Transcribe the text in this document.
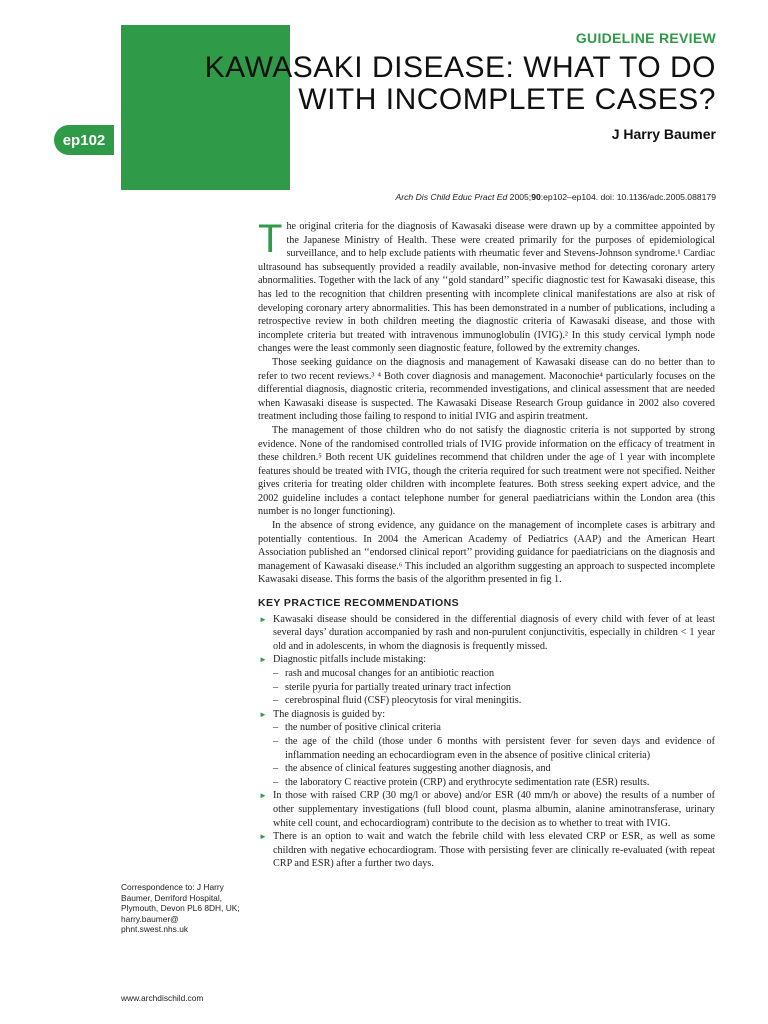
ep102
GUIDELINE REVIEW
KAWASAKI DISEASE: WHAT TO DO
WITH INCOMPLETE CASES?
J Harry Baumer
Arch Dis Child Educ Pract Ed 2005;90:ep102–ep104. doi: 10.1136/adc.2005.088179

The original criteria for the diagnosis of Kawasaki disease were drawn up by a committee appointed by the Japanese Ministry of Health. These were created primarily for the purposes of epidemiological surveillance, and to help exclude patients with rheumatic fever and Stevens-Johnson syndrome.¹ Cardiac ultrasound has subsequently provided a readily available, non-invasive method for detecting coronary artery abnormalities. Together with the lack of any ‘‘gold standard’’ specific diagnostic test for Kawasaki disease, this has led to the recognition that children presenting with incomplete clinical manifestations are also at risk of developing coronary artery abnormalities. This has been demonstrated in a number of publications, including a retrospective review in both children meeting the diagnostic criteria of Kawasaki disease, and those with incomplete criteria but treated with intravenous immunoglobulin (IVIG).² In this study cervical lymph node changes were the least commonly seen diagnostic feature, followed by the extremity changes.

Those seeking guidance on the diagnosis and management of Kawasaki disease can do no better than to refer to two recent reviews.³ ⁴ Both cover diagnosis and management. Maconochie⁴ particularly focuses on the differential diagnosis, diagnostic criteria, recommended investigations, and clinical assessment that are needed when Kawasaki disease is suspected. The Kawasaki Disease Research Group guidance in 2002 also covered treatment including those failing to respond to initial IVIG and aspirin treatment.

The management of those children who do not satisfy the diagnostic criteria is not supported by strong evidence. None of the randomised controlled trials of IVIG provide information on the efficacy of treatment in these children.⁵ Both recent UK guidelines recommend that children under the age of 1 year with incomplete features should be treated with IVIG, though the criteria required for such treatment were not specified. Neither gives criteria for treating older children with incomplete features. Both stress seeking expert advice, and the 2002 guideline includes a contact telephone number for general paediatricians within the London area (this number is no longer functioning).

In the absence of strong evidence, any guidance on the management of incomplete cases is arbitrary and potentially contentious. In 2004 the American Academy of Pediatrics (AAP) and the American Heart Association published an ‘‘endorsed clinical report’’ providing guidance for paediatricians on the diagnosis and management of Kawasaki disease.⁶ This included an algorithm suggesting an approach to suspected incomplete Kawasaki disease. This forms the basis of the algorithm presented in fig 1.

KEY PRACTICE RECOMMENDATIONS
► Kawasaki disease should be considered in the differential diagnosis of every child with fever of at least several days’ duration accompanied by rash and non-purulent conjunctivitis, especially in children < 1 year old and in adolescents, in whom the diagnosis is frequently missed.
► Diagnostic pitfalls include mistaking:
– rash and mucosal changes for an antibiotic reaction
– sterile pyuria for partially treated urinary tract infection
– cerebrospinal fluid (CSF) pleocytosis for viral meningitis.
► The diagnosis is guided by:
– the number of positive clinical criteria
– the age of the child (those under 6 months with persistent fever for seven days and evidence of inflammation needing an echocardiogram even in the absence of positive clinical criteria)
– the absence of clinical features suggesting another diagnosis, and
– the laboratory C reactive protein (CRP) and erythrocyte sedimentation rate (ESR) results.
► In those with raised CRP (30 mg/l or above) and/or ESR (40 mm/h or above) the results of a number of other supplementary investigations (full blood count, plasma albumin, alanine aminotransferase, urinary white cell count, and echocardiogram) contribute to the decision as to whether to treat with IVIG.
► There is an option to wait and watch the febrile child with less elevated CRP or ESR, as well as some children with negative echocardiogram. Those with persisting fever are clinically re-evaluated (with repeat CRP and ESR) after a further two days.
Correspondence to: J Harry Baumer, Derriford Hospital, Plymouth, Devon PL6 8DH, UK; harry.baumer@ phnt.swest.nhs.uk
www.archdischild.com
